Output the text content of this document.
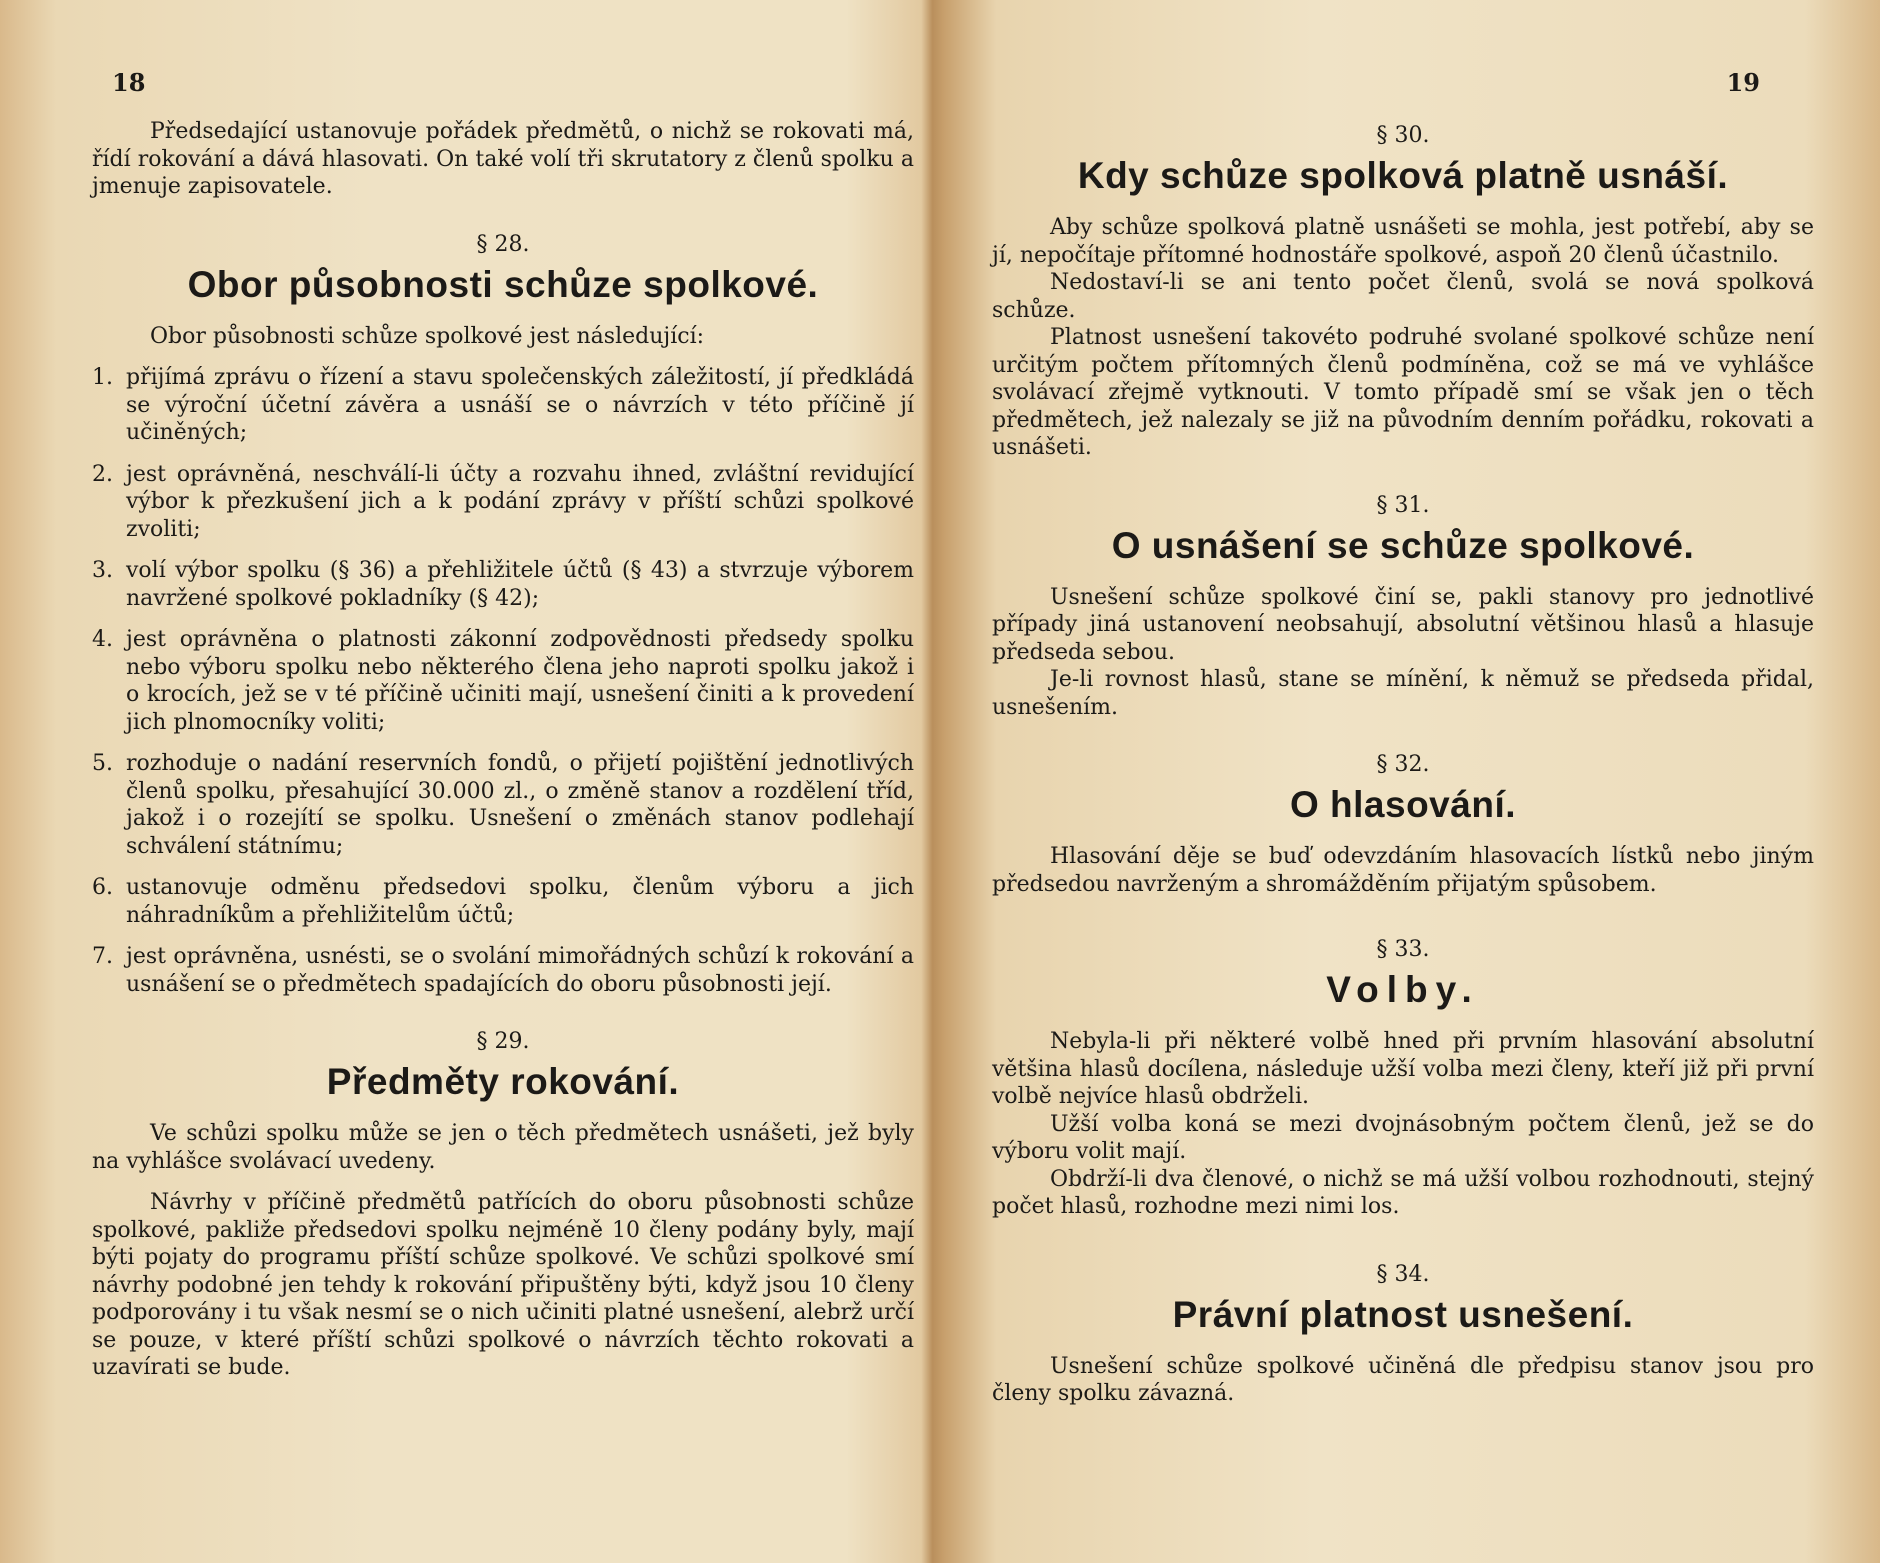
18

Předsedající ustanovuje pořádek předmětů, o nichž se rokovati má, řídí rokování a dává hlasovati. On také volí tři skrutatory z členů spolku a jmenuje zapisovatele.

§ 28.
Obor působnosti schůze spolkové.

Obor působnosti schůze spolkové jest následující:

1. přijímá zprávu o řízení a stavu společenských záležitostí, jí předkládá se výroční účetní závěra a usnáší se o návrzích v této příčině jí učiněných;

2. jest oprávněná, neschválí-li účty a rozvahu ihned, zvláštní revidující výbor k přezkušení jich a k podání zprávy v příští schůzi spolkové zvoliti;

3. volí výbor spolku (§ 36) a přehližitele účtů (§ 43) a stvrzuje výborem navržené spolkové pokladníky (§ 42);

4. jest oprávněna o platnosti zákonní zodpovědnosti předsedy spolku nebo výboru spolku nebo některého člena jeho naproti spolku jakož i o krocích, jež se v té příčině učiniti mají, usnešení činiti a k provedení jich plnomocníky voliti;

5. rozhoduje o nadání reservních fondů, o přijetí pojištění jednotlivých členů spolku, přesahující 30.000 zl., o změně stanov a rozdělení tříd, jakož i o rozejítí se spolku. Usnešení o změnách stanov podlehají schválení státnímu;

6. ustanovuje odměnu předsedovi spolku, členům výboru a jich náhradníkům a přehližitelům účtů;

7. jest oprávněna, usnésti, se o svolání mimořádných schůzí k rokování a usnášení se o předmětech spadajících do oboru působnosti její.

§ 29.
Předměty rokování.

Ve schůzi spolku může se jen o těch předmětech usnášeti, jež byly na vyhlášce svolávací uvedeny.

Návrhy v příčině předmětů patřících do oboru působnosti schůze spolkové, pakliže předsedovi spolku nejméně 10 členy podány byly, mají býti pojaty do programu příští schůze spolkové. Ve schůzi spolkové smí návrhy podobné jen tehdy k rokování připuštěny býti, když jsou 10 členy podporovány i tu však nesmí se o nich učiniti platné usnešení, alebrž určí se pouze, v které příští schůzi spolkové o návrzích těchto rokovati a uzavírati se bude.

19
§ 30.
Kdy schůze spolková platně usnáší.

Aby schůze spolková platně usnášeti se mohla, jest potřebí, aby se jí, nepočítaje přítomné hodnostáře spolkové, aspoň 20 členů účastnilo.

Nedostaví-li se ani tento počet členů, svolá se nová spolková schůze.

Platnost usnešení takovéto podruhé svolané spolkové schůze není určitým počtem přítomných členů podmíněna, což se má ve vyhlášce svolávací zřejmě vytknouti. V tomto případě smí se však jen o těch předmětech, jež nalezaly se již na původním denním pořádku, rokovati a usnášeti.

§ 31.
O usnášení se schůze spolkové.

Usnešení schůze spolkové činí se, pakli stanovy pro jednotlivé případy jiná ustanovení neobsahují, absolutní většinou hlasů a hlasuje předseda sebou.

Je-li rovnost hlasů, stane se mínění, k němuž se předseda přidal, usnešením.

§ 32.
O hlasování.

Hlasování děje se buď odevzdáním hlasovacích lístků nebo jiným předsedou navrženým a shromážděním přijatým spůsobem.

§ 33.
Volby.

Nebyla-li při některé volbě hned při prvním hlasování absolutní většina hlasů docílena, následuje užší volba mezi členy, kteří již při první volbě nejvíce hlasů obdrželi.

Užší volba koná se mezi dvojnásobným počtem členů, jež se do výboru volit mají.

Obdrží-li dva členové, o nichž se má užší volbou rozhodnouti, stejný počet hlasů, rozhodne mezi nimi los.

§ 34.
Právní platnost usnešení.

Usnešení schůze spolkové učiněná dle předpisu stanov jsou pro členy spolku závazná.
